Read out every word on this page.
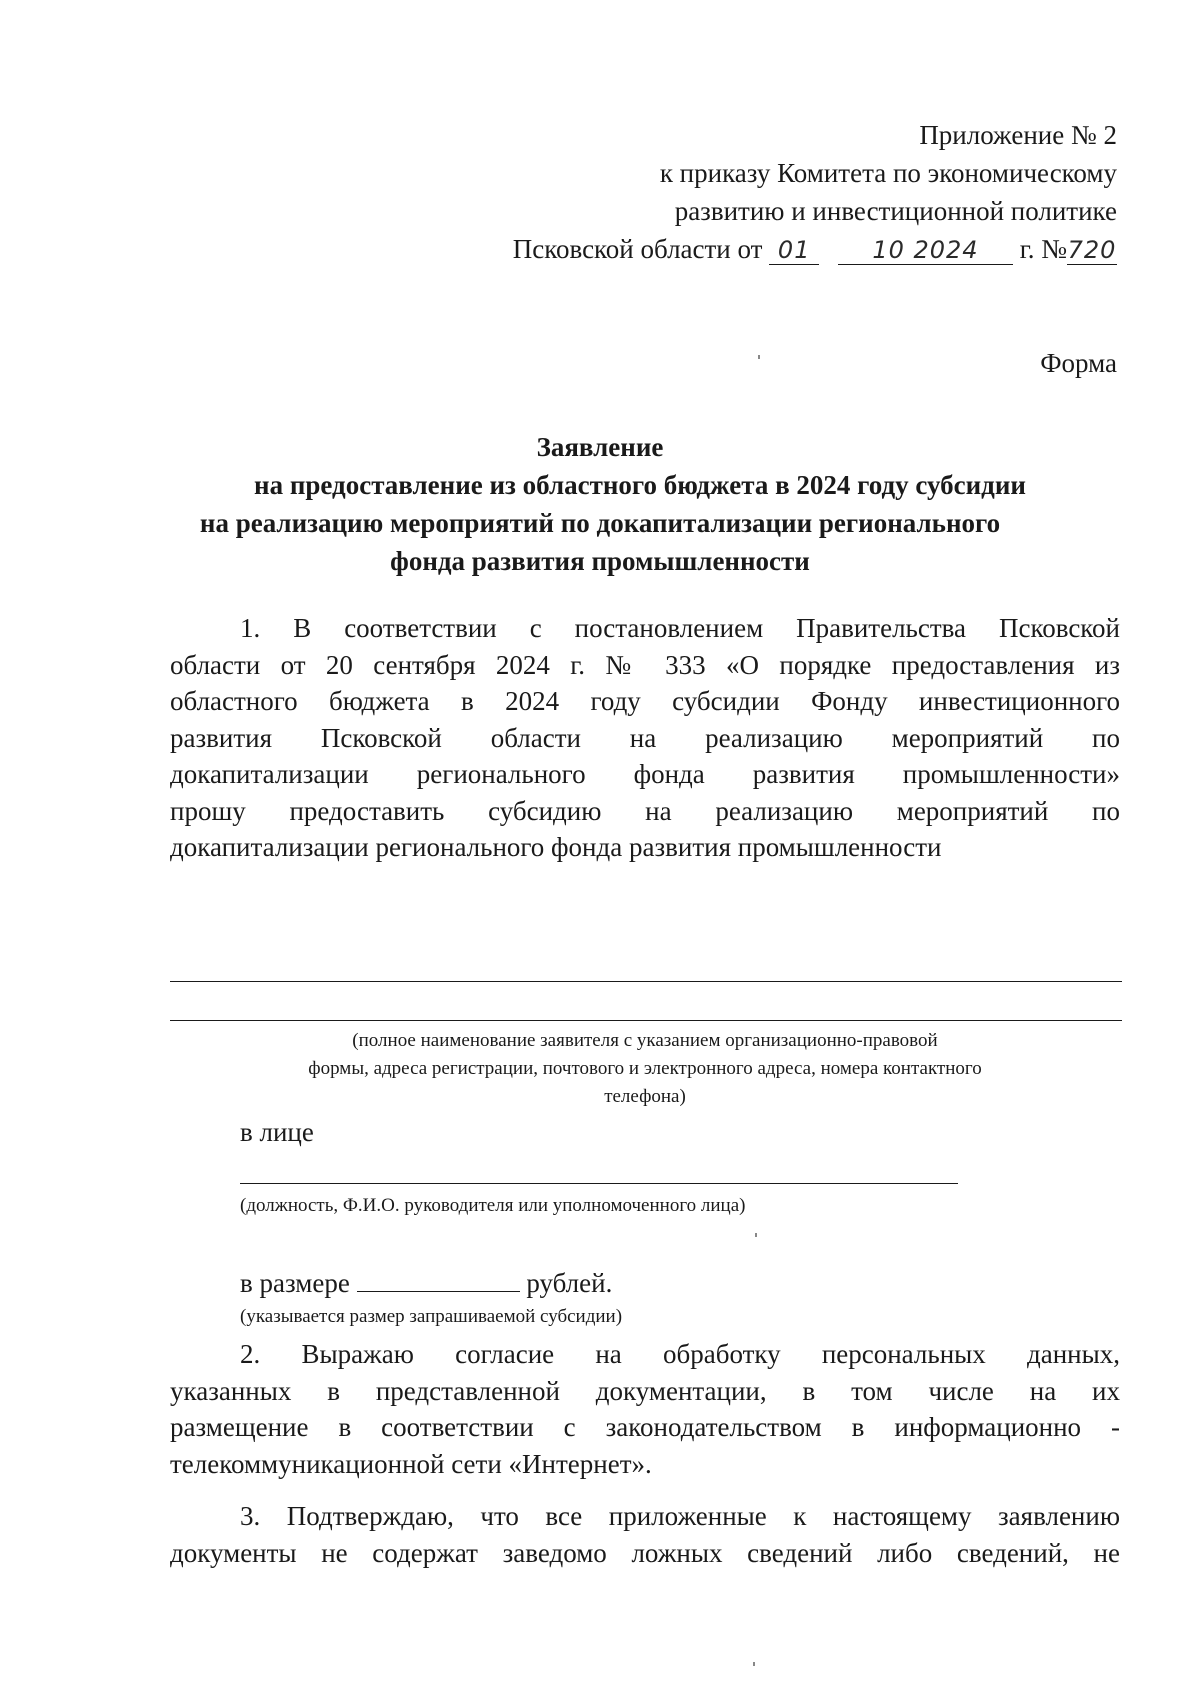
Приложение № 2

к приказу Комитета по экономическому

развитию и инвестиционной политике

Псковской области от 01	10 2024 г. №720

Форма

Заявление

на предоставление из областного бюджета в 2024 году субсидии

на реализацию мероприятий по докапитализации регионального

фонда развития промышленности

1. В соответствии с постановлением Правительства Псковской
области от 20 сентября 2024 г. № 333 «О порядке предоставления из
областного бюджета в 2024 году субсидии Фонду инвестиционного
развития Псковской области на реализацию мероприятий по
докапитализации регионального фонда развития промышленности»
прошу предоставить субсидию на реализацию мероприятий по
докапитализации регионального фонда развития промышленности

(полное наименование заявителя с указанием организационно-правовой

формы, адреса регистрации, почтового и электронного адреса, номера контактного

телефона)

в лице

(должность, Ф.И.О. руководителя или уполномоченного лица)

в размере	рублей.

(указывается размер запрашиваемой субсидии)

2. Выражаю согласие на обработку персональных данных,
указанных в представленной документации, в том числе на их
размещение в соответствии с законодательством в информационно -
телекоммуникационной сети «Интернет».
3. Подтверждаю, что все приложенные к настоящему заявлению
документы не содержат заведомо ложных сведений либо сведений, не
